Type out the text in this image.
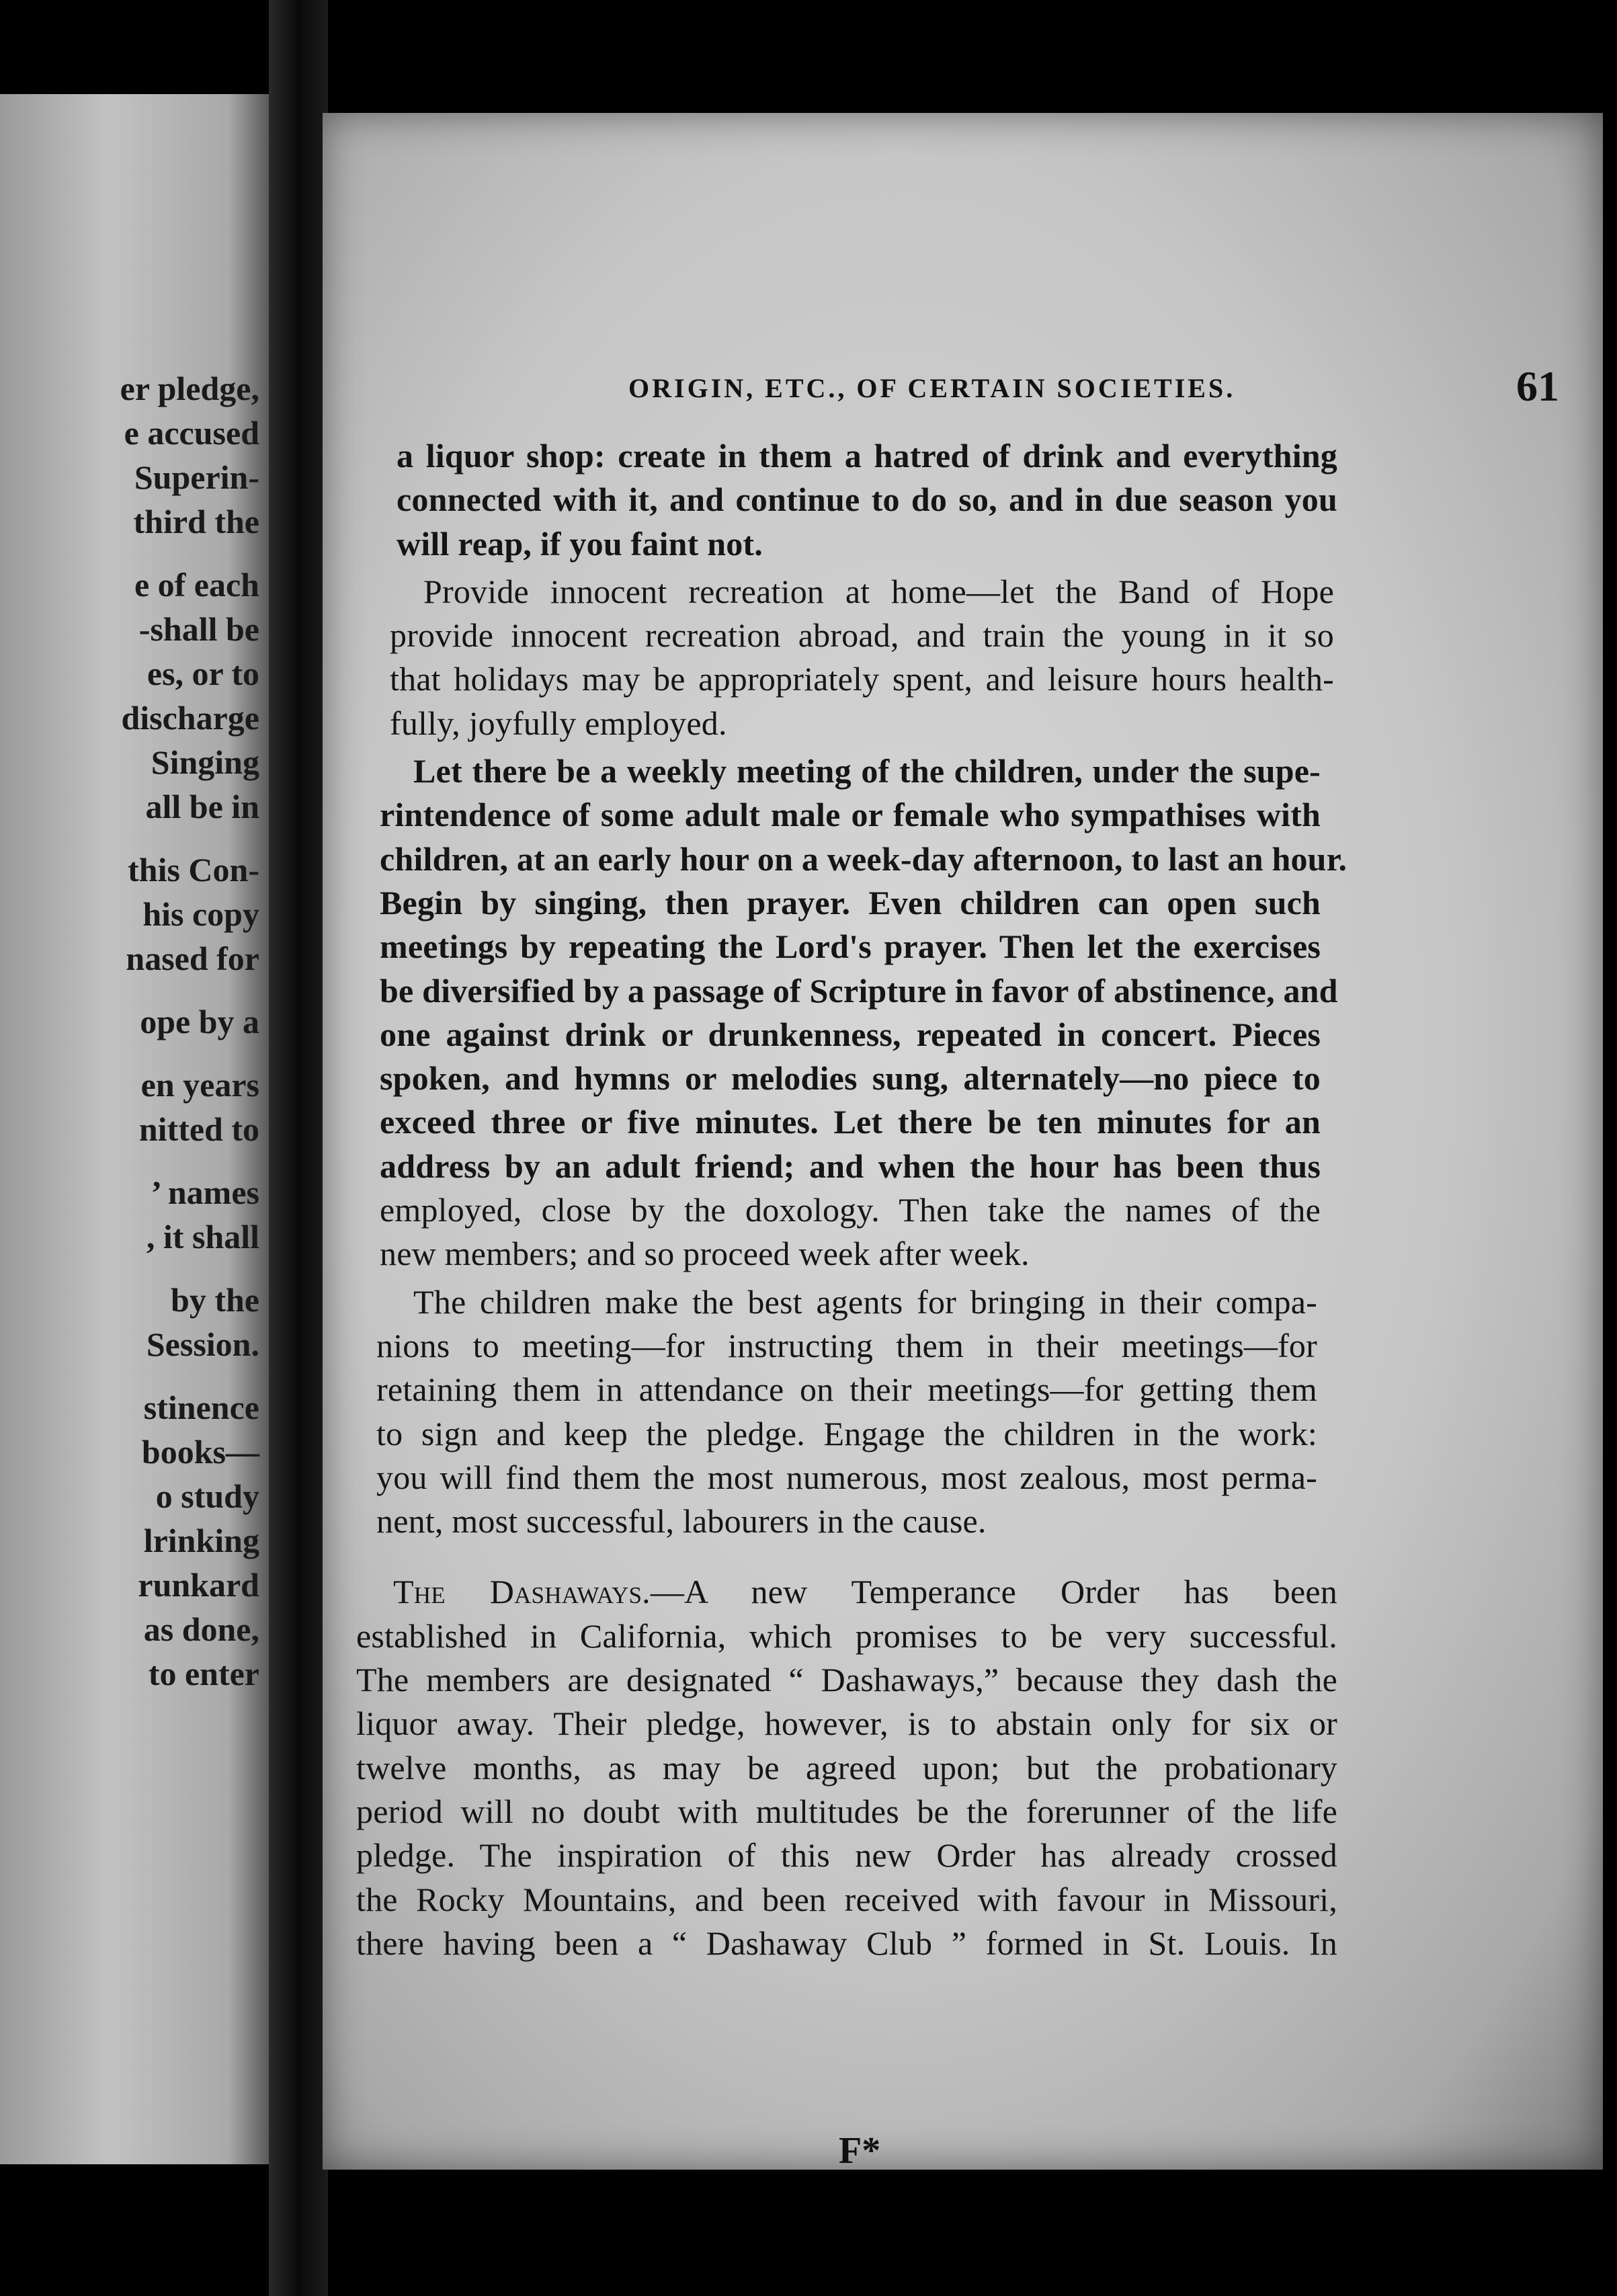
er pledge,
e accused
Superin-
third the
e of each
-shall be
es, or to
discharge
Singing
all be in
this Con-
his copy
nased for
ope by a
en years
nitted to
’ names
, it shall
by the
Session.
stinence
books—
o study
lrinking
runkard
as done,
to enter
ORIGIN, ETC., OF CERTAIN SOCIETIES.	61
a liquor shop: create in them a hatred of drink and everything
connected with it, and continue to do so, and in due season you
will reap, if you faint not.
Provide innocent recreation at home—let the Band of Hope
provide innocent recreation abroad, and train the young in it so
that holidays may be appropriately spent, and leisure hours health-
fully, joyfully employed.
Let there be a weekly meeting of the children, under the supe-
rintendence of some adult male or female who sympathises with
children, at an early hour on a week-day afternoon, to last an hour.
Begin by singing, then prayer. Even children can open such
meetings by repeating the Lord's prayer. Then let the exercises
be diversified by a passage of Scripture in favor of abstinence, and
one against drink or drunkenness, repeated in concert. Pieces
spoken, and hymns or melodies sung, alternately—no piece to
exceed three or five minutes. Let there be ten minutes for an
address by an adult friend; and when the hour has been thus
employed, close by the doxology. Then take the names of the
new members; and so proceed week after week.
The children make the best agents for bringing in their compa-
nions to meeting—for instructing them in their meetings—for
retaining them in attendance on their meetings—for getting them
to sign and keep the pledge. Engage the children in the work:
you will find them the most numerous, most zealous, most perma-
nent, most successful, labourers in the cause.
The Dashaways.—A new Temperance Order has been
established in California, which promises to be very successful.
The members are designated “ Dashaways,” because they dash the
liquor away. Their pledge, however, is to abstain only for six or
twelve months, as may be agreed upon; but the probationary
period will no doubt with multitudes be the forerunner of the life
pledge. The inspiration of this new Order has already crossed
the Rocky Mountains, and been received with favour in Missouri,
there having been a “ Dashaway Club ” formed in St. Louis. In
F*
